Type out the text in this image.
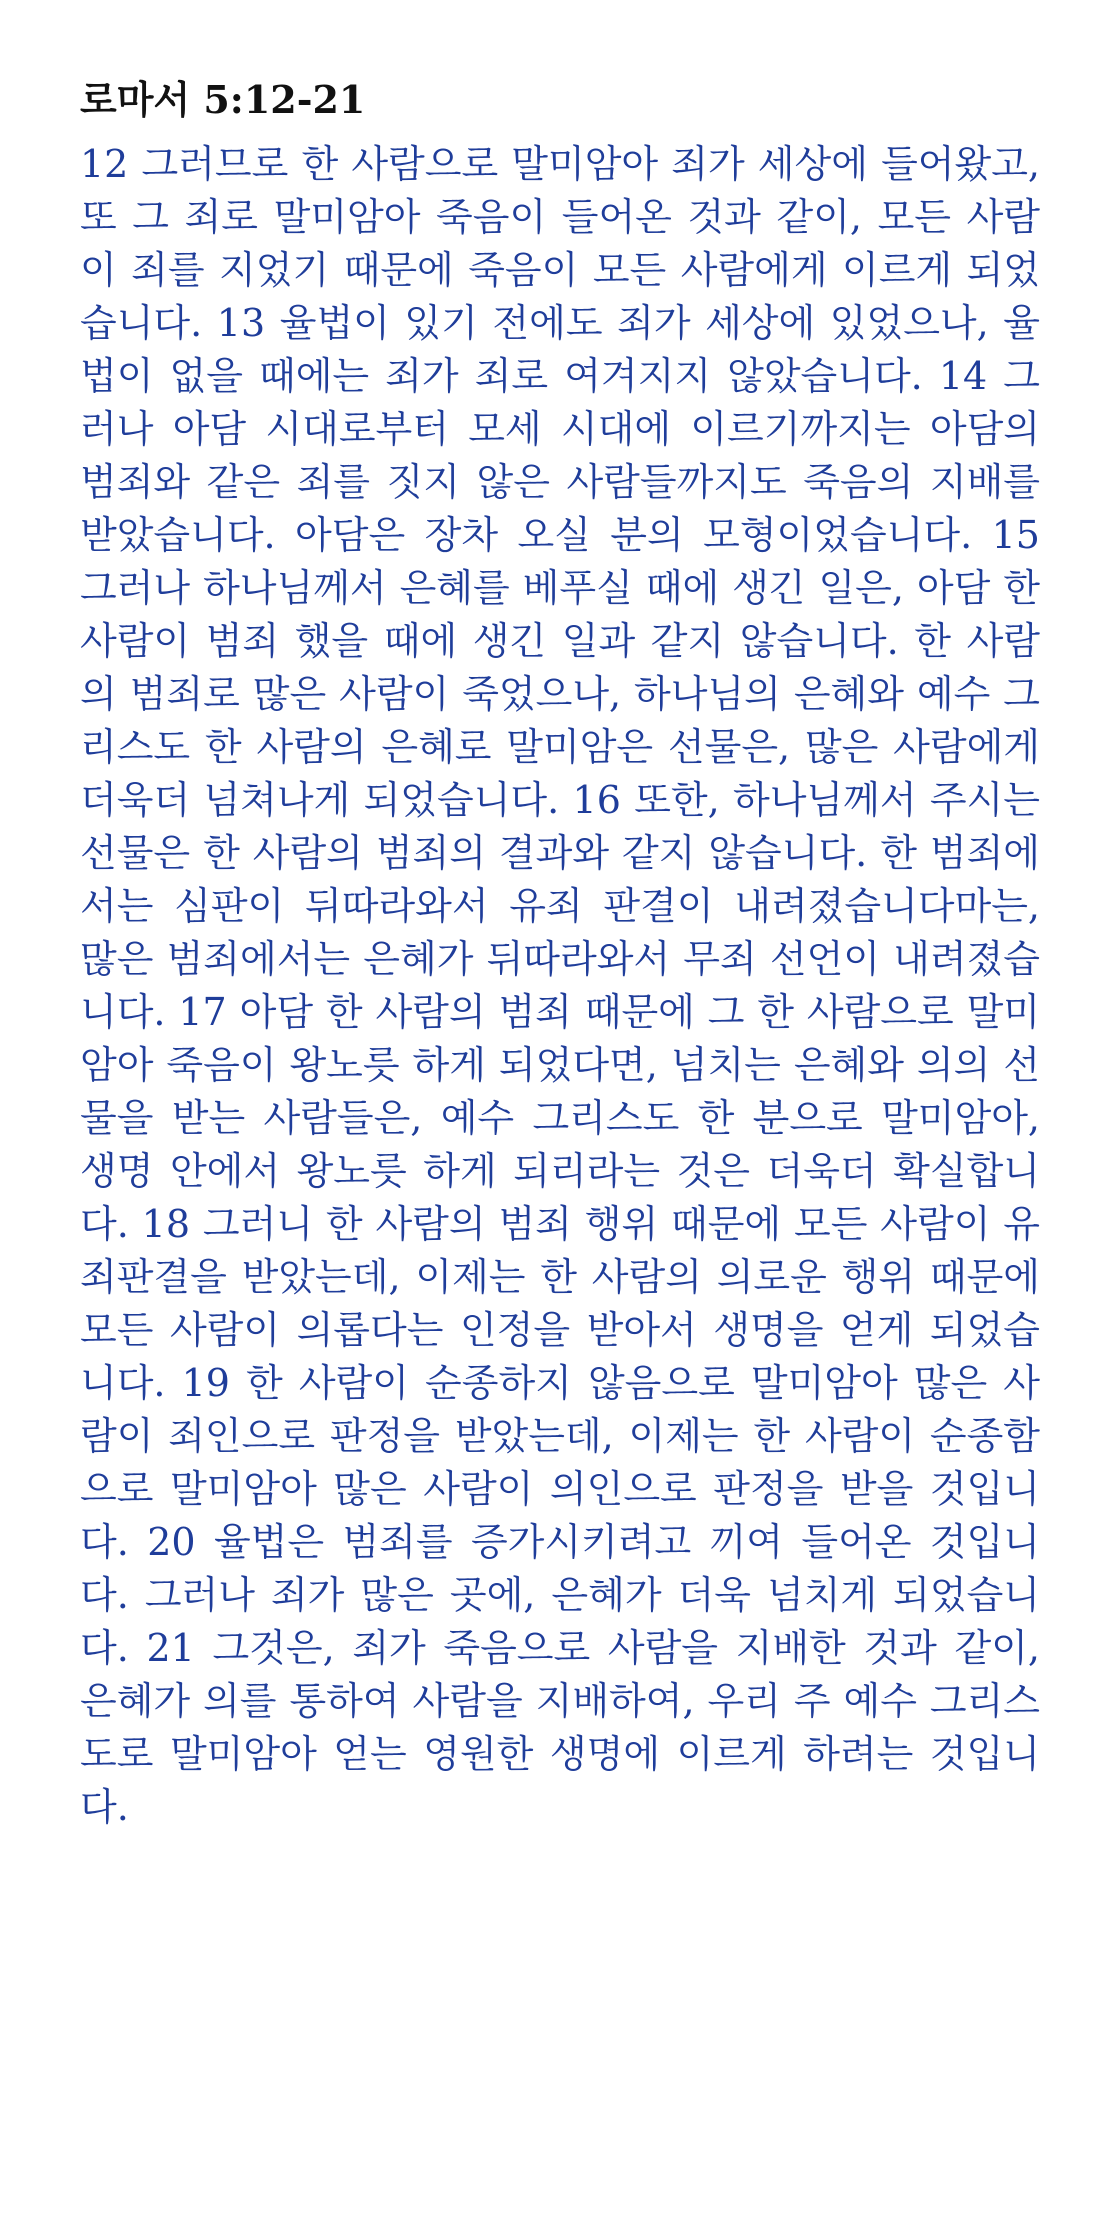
로마서 5:12-21

12 그러므로 한 사람으로 말미암아 죄가 세상에 들어왔고, 또 그 죄로 말미암아 죽음이 들어온 것과 같이, 모든 사람이 죄를 지었기 때문에 죽음이 모든 사람에게 이르게 되었습니다. 13 율법이 있기 전에도 죄가 세상에 있었으나, 율법이 없을 때에는 죄가 죄로 여겨지지 않았습니다. 14 그러나 아담 시대로부터 모세 시대에 이르기까지는 아담의 범죄와 같은 죄를 짓지 않은 사람들까지도 죽음의 지배를 받았습니다. 아담은 장차 오실 분의 모형이었습니다. 15 그러나 하나님께서 은혜를 베푸실 때에 생긴 일은, 아담 한 사람이 범죄 했을 때에 생긴 일과 같지 않습니다. 한 사람의 범죄로 많은 사람이 죽었으나, 하나님의 은혜와 예수 그리스도 한 사람의 은혜로 말미암은 선물은, 많은 사람에게 더욱더 넘쳐나게 되었습니다. 16 또한, 하나님께서 주시는 선물은 한 사람의 범죄의 결과와 같지 않습니다. 한 범죄에서는 심판이 뒤따라와서 유죄 판결이 내려졌습니다마는, 많은 범죄에서는 은혜가 뒤따라와서 무죄 선언이 내려졌습니다. 17 아담 한 사람의 범죄 때문에 그 한 사람으로 말미암아 죽음이 왕노릇 하게 되었다면, 넘치는 은혜와 의의 선물을 받는 사람들은, 예수 그리스도 한 분으로 말미암아, 생명 안에서 왕노릇 하게 되리라는 것은 더욱더 확실합니다. 18 그러니 한 사람의 범죄 행위 때문에 모든 사람이 유죄판결을 받았는데, 이제는 한 사람의 의로운 행위 때문에 모든 사람이 의롭다는 인정을 받아서 생명을 얻게 되었습니다. 19 한 사람이 순종하지 않음으로 말미암아 많은 사람이 죄인으로 판정을 받았는데, 이제는 한 사람이 순종함으로 말미암아 많은 사람이 의인으로 판정을 받을 것입니다. 20 율법은 범죄를 증가시키려고 끼여 들어온 것입니다. 그러나 죄가 많은 곳에, 은혜가 더욱 넘치게 되었습니다. 21 그것은, 죄가 죽음으로 사람을 지배한 것과 같이, 은혜가 의를 통하여 사람을 지배하여, 우리 주 예수 그리스도로 말미암아 얻는 영원한 생명에 이르게 하려는 것입니다.
